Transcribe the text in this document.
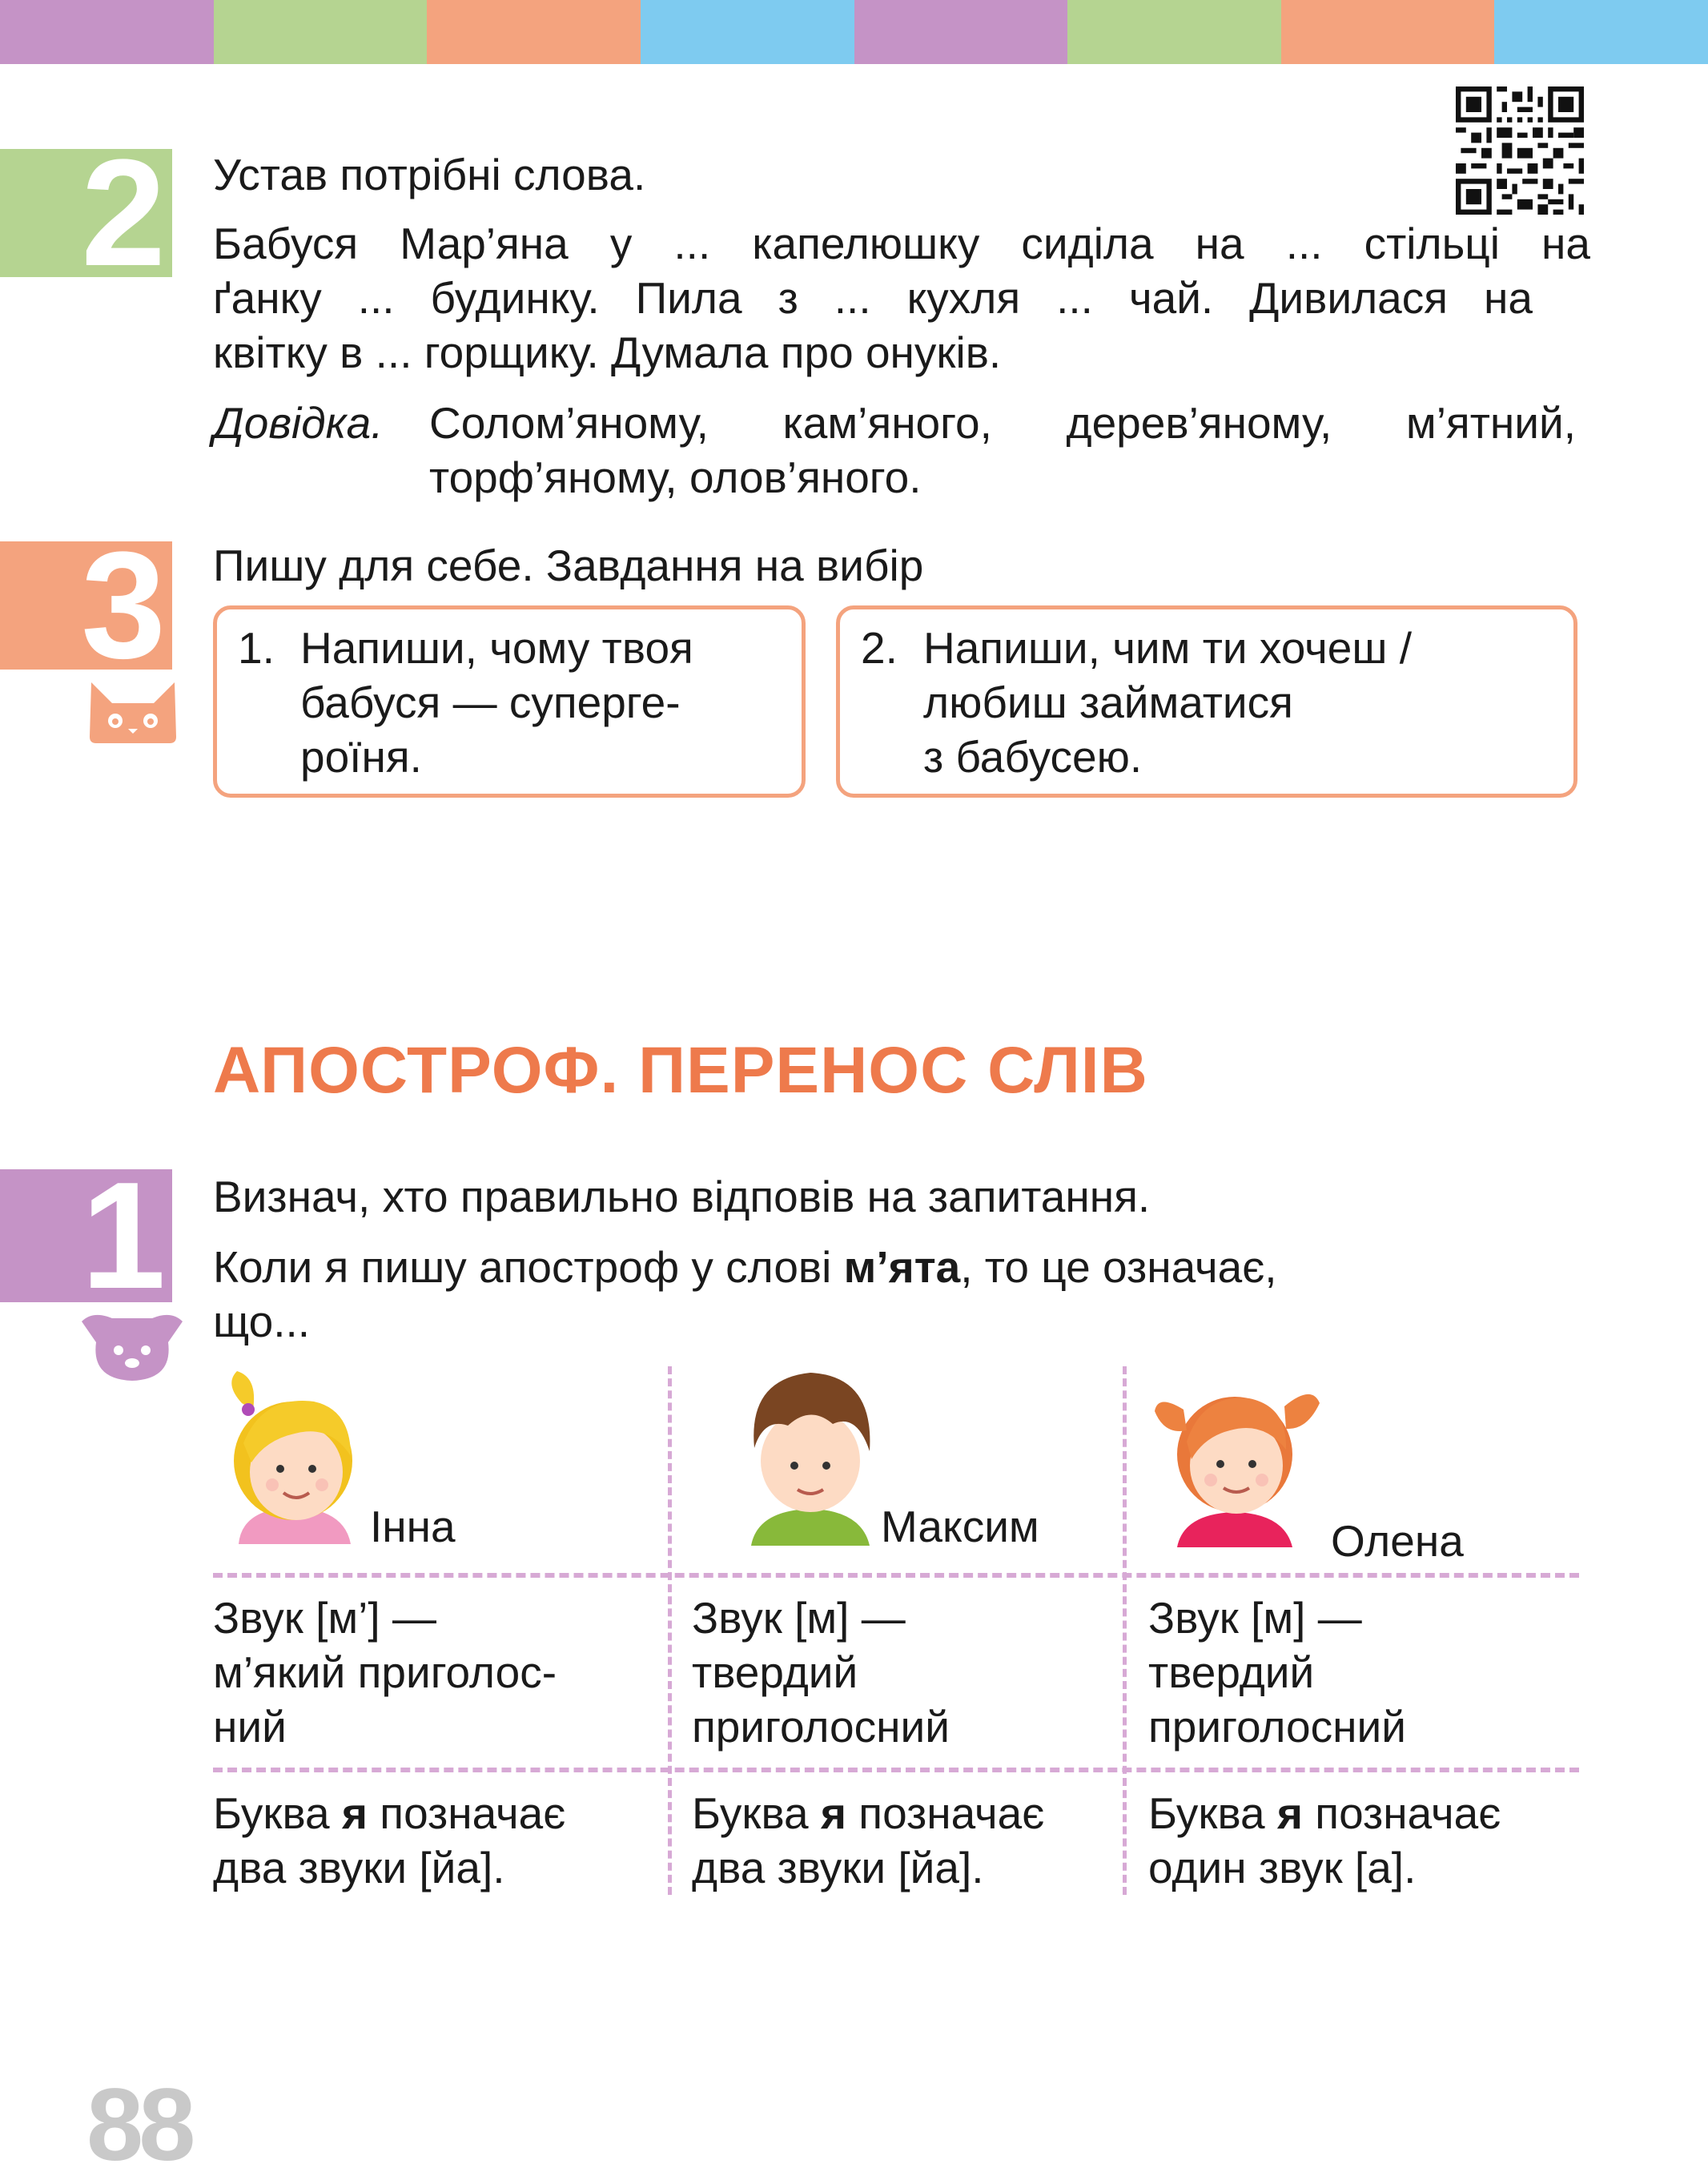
2 Устав потрібні слова.
Бабуся Мар’яна у ... капелюшку сиділа на ... стільці на
ґанку ... будинку. Пила з ... кухля ... чай. Дивилася на
квітку в ... горщику. Думала про онуків.
Довідка. Солом’яному, кам’яного, дерев’яному, м’ятний,
торф’яному, олов’яного.
3 Пишу для себе. Завдання на вибір
1. Напиши, чому твоя
бабуся — суперге-
роїня.
2. Напиши, чим ти хочеш /
любиш займатися
з бабусею.
АПОСТРОФ. ПЕРЕНОС СЛІВ
1 Визнач, хто правильно відповів на запитання.
Коли я пишу апостроф у слові м’ята, то це означає,
що...
Інна
Звук [м’] —
м’який приголос-
ний
Буква я позначає
два звуки [йа].
Максим
Звук [м] —
твердий
приголосний
Буква я позначає
два звуки [йа].
Олена
Звук [м] —
твердий
приголосний
Буква я позначає
один звук [а].
88
